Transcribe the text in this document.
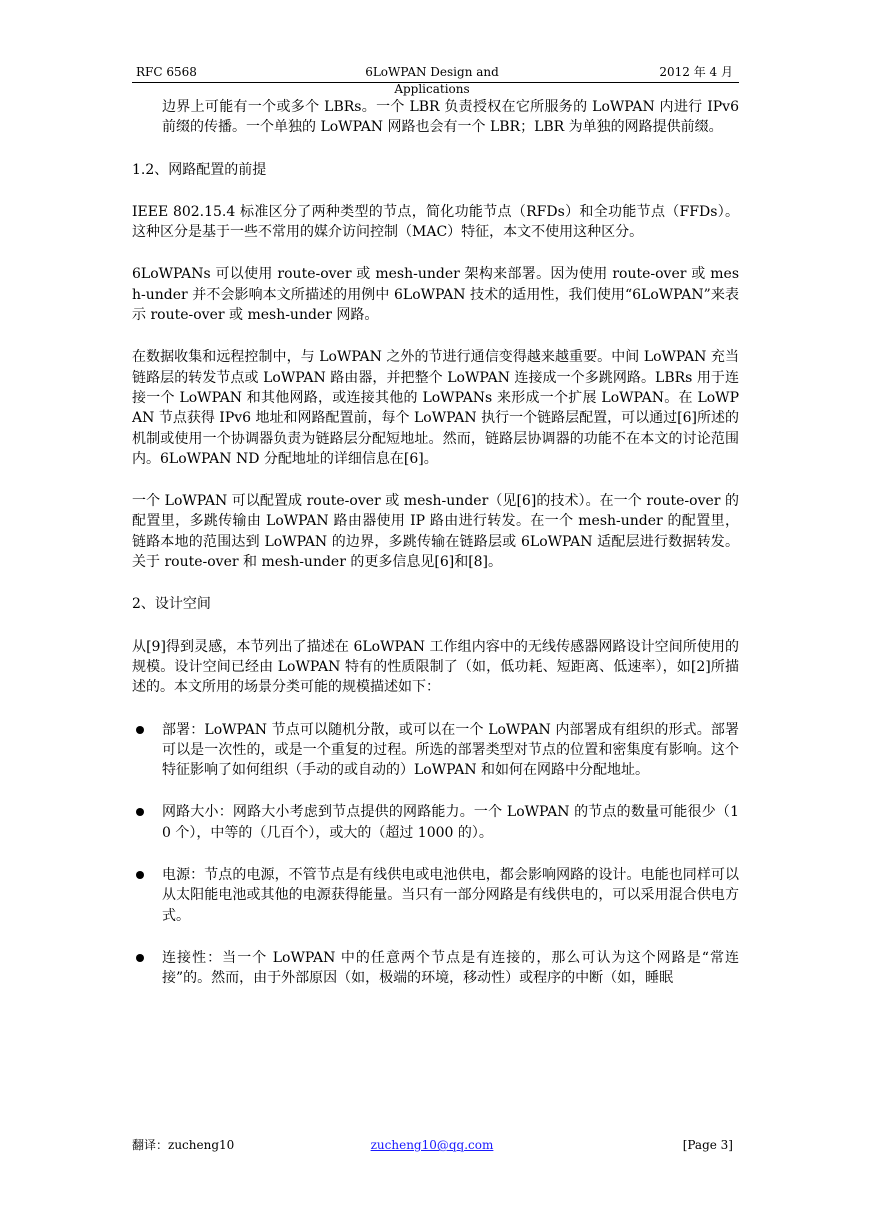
RFC 6568	6LoWPAN Design and Applications
2012 年 4 月

边界上可能有一个或多个 LBRs。一个 LBR 负责授权在它所服务的 LoWPAN 内进行 IPv6 前缀的传播。一个单独的 LoWPAN 网路也会有一个 LBR；LBR 为单独的网路提供前缀。

1.2、网路配置的前提

IEEE 802.15.4 标准区分了两种类型的节点，简化功能节点（RFDs）和全功能节点（FFDs）。这种区分是基于一些不常用的媒介访问控制（MAC）特征，本文不使用这种区分。

6LoWPANs 可以使用 route-over 或 mesh-under 架构来部署。因为使用 route-over 或 mesh-under 并不会影响本文所描述的用例中 6LoWPAN 技术的适用性，我们使用“6LoWPAN”来表示 route-over 或 mesh-under 网路。

在数据收集和远程控制中，与 LoWPAN 之外的节进行通信变得越来越重要。中间 LoWPAN 充当链路层的转发节点或 LoWPAN 路由器，并把整个 LoWPAN 连接成一个多跳网路。LBRs 用于连接一个 LoWPAN 和其他网路，或连接其他的 LoWPANs 来形成一个扩展 LoWPAN。在 LoWPAN 节点获得 IPv6 地址和网路配置前，每个 LoWPAN 执行一个链路层配置，可以通过[6]所述的机制或使用一个协调器负责为链路层分配短地址。然而，链路层协调器的功能不在本文的讨论范围内。6LoWPAN ND 分配地址的详细信息在[6]。

一个 LoWPAN 可以配置成 route-over 或 mesh-under（见[6]的技术）。在一个 route-over 的配置里，多跳传输由 LoWPAN 路由器使用 IP 路由进行转发。在一个 mesh-under 的配置里，链路本地的范围达到 LoWPAN 的边界，多跳传输在链路层或 6LoWPAN 适配层进行数据转发。关于 route-over 和 mesh-under 的更多信息见[6]和[8]。

2、设计空间

从[9]得到灵感，本节列出了描述在 6LoWPAN 工作组内容中的无线传感器网路设计空间所使用的规模。设计空间已经由 LoWPAN 特有的性质限制了（如，低功耗、短距离、低速率），如[2]所描述的。本文所用的场景分类可能的规模描述如下：

部署：LoWPAN 节点可以随机分散，或可以在一个 LoWPAN 内部署成有组织的形式。部署可以是一次性的，或是一个重复的过程。所选的部署类型对节点的位置和密集度有影响。这个特征影响了如何组织（手动的或自动的）LoWPAN 和如何在网路中分配地址。
网路大小：网路大小考虑到节点提供的网路能力。一个 LoWPAN 的节点的数量可能很少（10 个），中等的（几百个），或大的（超过 1000 的）。
电源：节点的电源，不管节点是有线供电或电池供电，都会影响网路的设计。电能也同样可以从太阳能电池或其他的电源获得能量。当只有一部分网路是有线供电的，可以采用混合供电方式。
连接性：当一个 LoWPAN 中的任意两个节点是有连接的，那么可认为这个网路是“常连接”的。然而，由于外部原因（如，极端的环境，移动性）或程序的中断（如，睡眠
翻译：zucheng10	zucheng10@qq.com	[Page 3]
